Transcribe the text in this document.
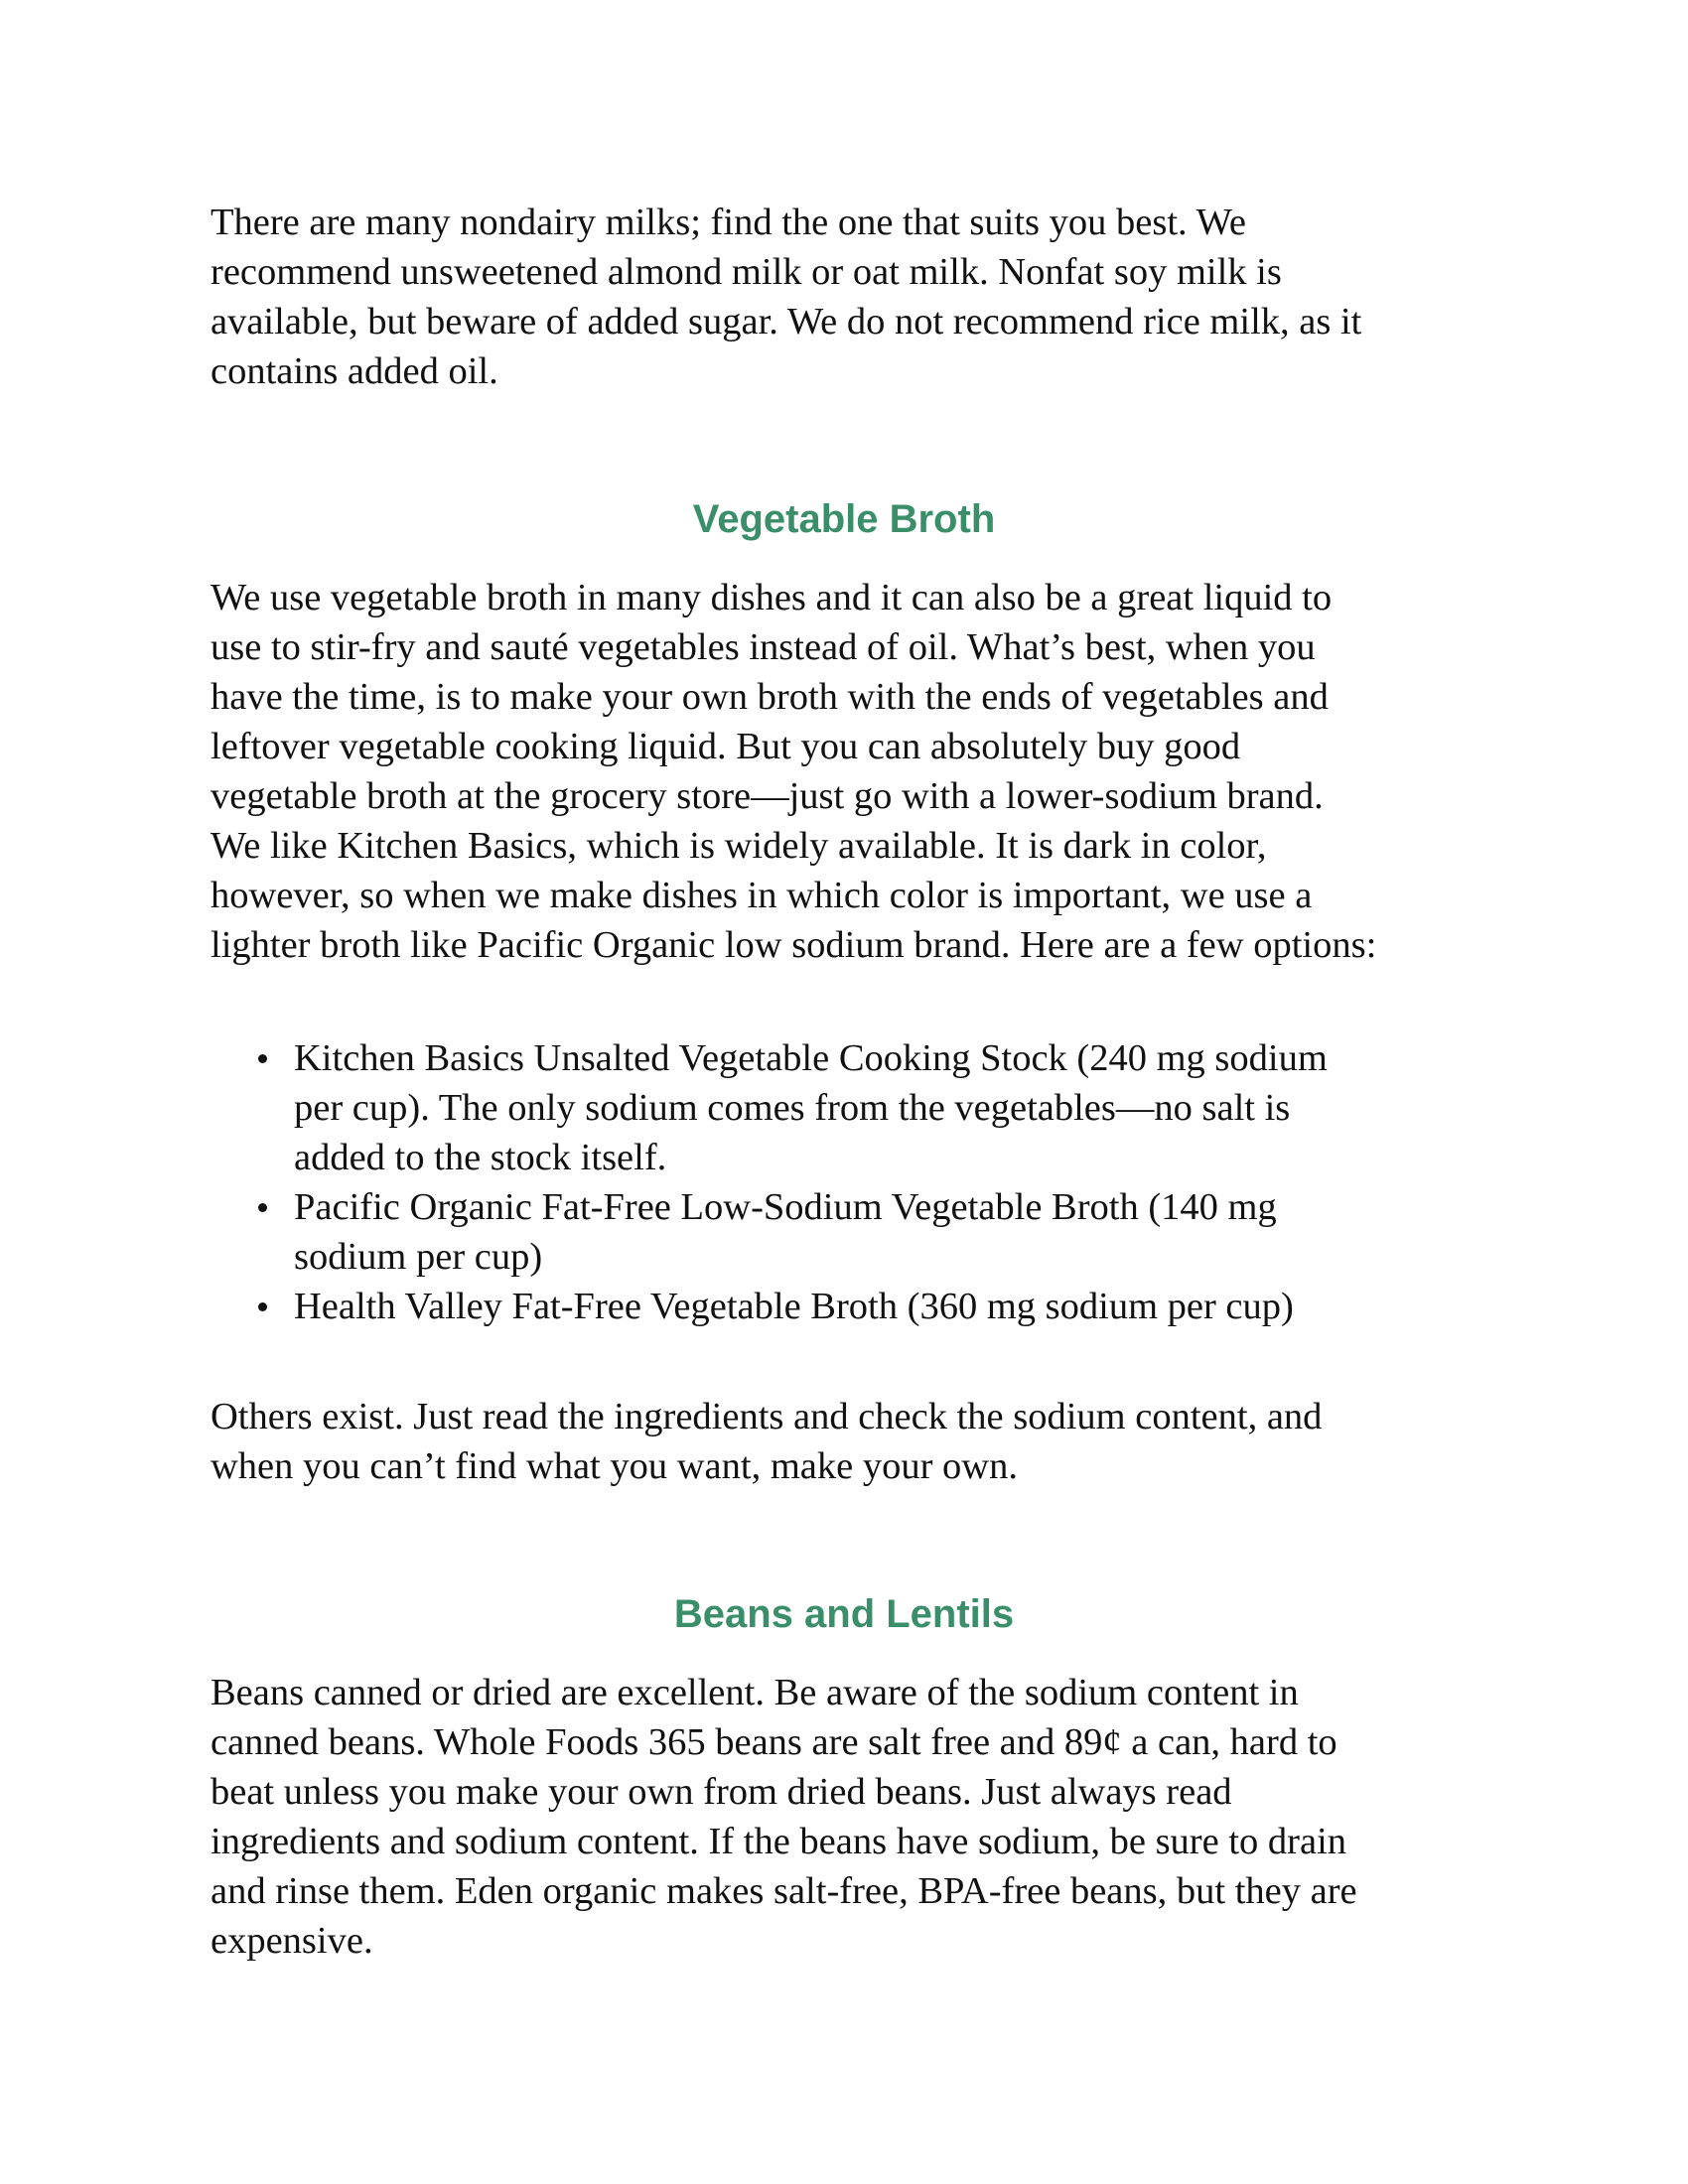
There are many nondairy milks; find the one that suits you best. We
recommend unsweetened almond milk or oat milk. Nonfat soy milk is
available, but beware of added sugar. We do not recommend rice milk, as it
contains added oil.

Vegetable Broth

We use vegetable broth in many dishes and it can also be a great liquid to
use to stir-fry and sauté vegetables instead of oil. What’s best, when you
have the time, is to make your own broth with the ends of vegetables and
leftover vegetable cooking liquid. But you can absolutely buy good
vegetable broth at the grocery store—just go with a lower-sodium brand.
We like Kitchen Basics, which is widely available. It is dark in color,
however, so when we make dishes in which color is important, we use a
lighter broth like Pacific Organic low sodium brand. Here are a few options:

Kitchen Basics Unsalted Vegetable Cooking Stock (240 mg sodium
per cup). The only sodium comes from the vegetables—no salt is
added to the stock itself.
Pacific Organic Fat-Free Low-Sodium Vegetable Broth (140 mg
sodium per cup)
Health Valley Fat-Free Vegetable Broth (360 mg sodium per cup)

Others exist. Just read the ingredients and check the sodium content, and
when you can’t find what you want, make your own.

Beans and Lentils

Beans canned or dried are excellent. Be aware of the sodium content in
canned beans. Whole Foods 365 beans are salt free and 89¢ a can, hard to
beat unless you make your own from dried beans. Just always read
ingredients and sodium content. If the beans have sodium, be sure to drain
and rinse them. Eden organic makes salt-free, BPA-free beans, but they are
expensive.
